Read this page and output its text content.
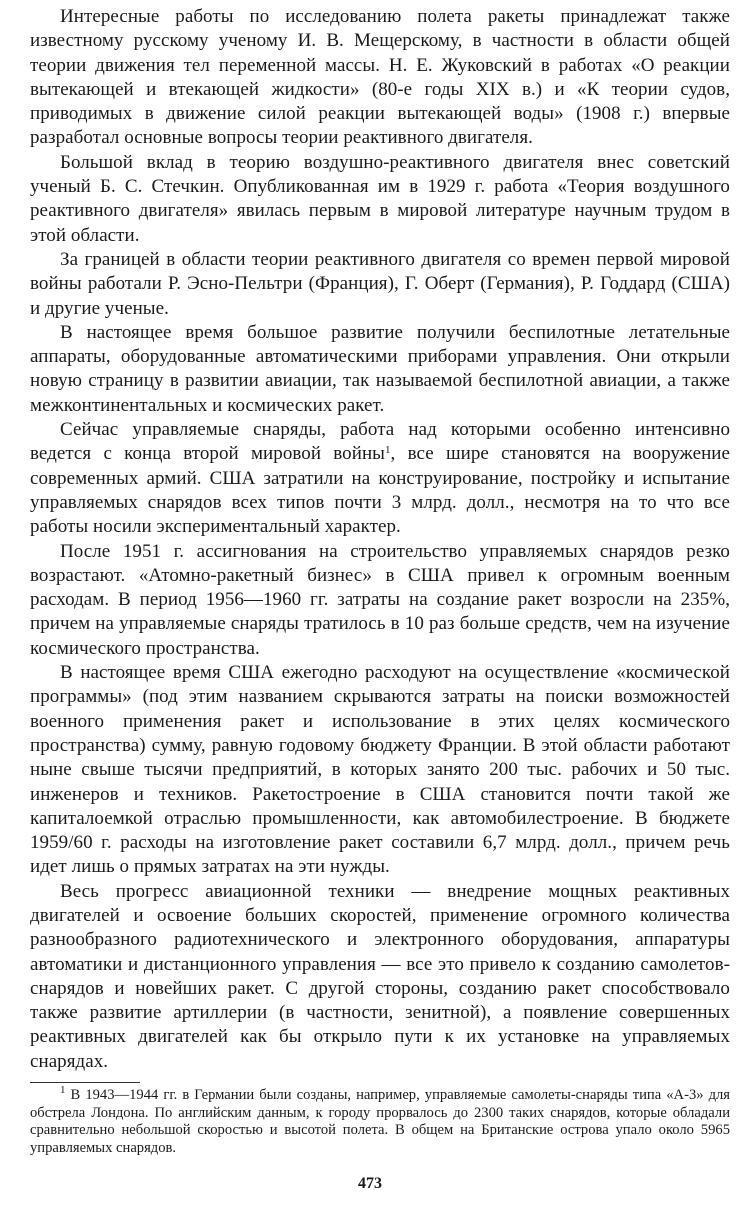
Интересные работы по исследованию полета ракеты принадлежат также известному русскому ученому И. В. Мещерскому, в частности в области общей теории движения тел переменной массы. Н. Е. Жуковский в работах «О реакции вытекающей и втекающей жидкости» (80-е годы XIX в.) и «К теории судов, приводимых в движение силой реакции вытекающей воды» (1908 г.) впервые разработал основные вопросы теории реактивного двигателя.

Большой вклад в теорию воздушно-реактивного двигателя внес советский ученый Б. С. Стечкин. Опубликованная им в 1929 г. работа «Теория воздушного реактивного двигателя» явилась первым в мировой литературе научным трудом в этой области.

За границей в области теории реактивного двигателя со времен первой мировой войны работали Р. Эсно-Пельтри (Франция), Г. Оберт (Германия), Р. Годдард (США) и другие ученые.

В настоящее время большое развитие получили беспилотные летательные аппараты, оборудованные автоматическими приборами управления. Они открыли новую страницу в развитии авиации, так называемой беспилотной авиации, а также межконтинентальных и космических ракет.

Сейчас управляемые снаряды, работа над которыми особенно интенсивно ведется с конца второй мировой войны$^1$, все шире становятся на вооружение современных армий. США затратили на конструирование, постройку и испытание управляемых снарядов всех типов почти 3 млрд. долл., несмотря на то что все работы носили экспериментальный характер.

После 1951 г. ассигнования на строительство управляемых снарядов резко возрастают. «Атомно-ракетный бизнес» в США привел к огромным военным расходам. В период 1956—1960 гг. затраты на создание ракет возросли на 235%, причем на управляемые снаряды тратилось в 10 раз больше средств, чем на изучение космического пространства.

В настоящее время США ежегодно расходуют на осуществление «космической программы» (под этим названием скрываются затраты на поиски возможностей военного применения ракет и использование в этих целях космического пространства) сумму, равную годовому бюджету Франции. В этой области работают ныне свыше тысячи предприятий, в которых занято 200 тыс. рабочих и 50 тыс. инженеров и техников. Ракетостроение в США становится почти такой же капиталоемкой отраслью промышленности, как автомобилестроение. В бюджете 1959/60 г. расходы на изготовление ракет составили 6,7 млрд. долл., причем речь идет лишь о прямых затратах на эти нужды.

Весь прогресс авиационной техники — внедрение мощных реактивных двигателей и освоение больших скоростей, применение огромного количества разнообразного радиотехнического и электронного оборудования, аппаратуры автоматики и дистанционного управления — все это привело к созданию самолетов-снарядов и новейших ракет. С другой стороны, созданию ракет способствовало также развитие артиллерии (в частности, зенитной), а появление совершенных реактивных двигателей как бы открыло пути к их установке на управляемых снарядах.

$^1$ В 1943—1944 гг. в Германии были созданы, например, управляемые самолеты-снаряды типа «А-3» для обстрела Лондона. По английским данным, к городу прорвалось до 2300 таких снарядов, которые обладали сравнительно небольшой скоростью и высотой полета. В общем на Британские острова упало около 5965 управляемых снарядов.

473
